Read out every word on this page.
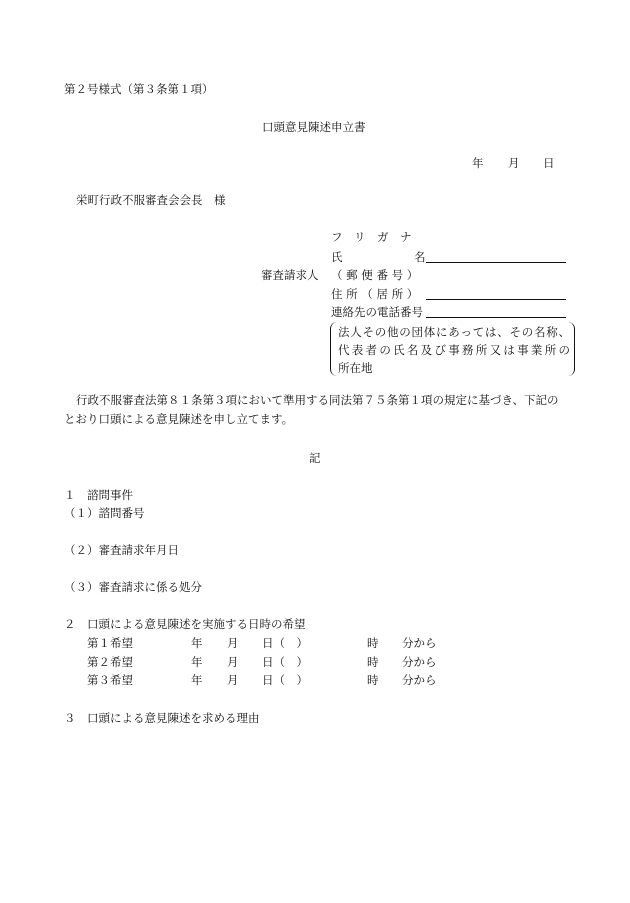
第２号様式（第３条第１項）
口頭意見陳述申立書
年 月 日
栄町行政不服審査会会長　様
フ　リ　ガ　ナ
氏	名
審査請求人 （ 郵 便 番 号 ）
住 所 （ 居 所 ）
連絡先の電話番号
法人その他の団体にあっては、その名称、
代表者の氏名及び事務所又は事業所の
所在地
行政不服審査法第８１条第３項において準用する同法第７５条第１項の規定に基づき、下記の
とおり口頭による意見陳述を申し立てます。
記
１　諮問事件
（１）諮問番号
（２）審査請求年月日
（３）審査請求に係る処分
２　口頭による意見陳述を実施する日時の希望
第１希望	年 月 日（　）	時 分から
第２希望	年 月 日（　）	時 分から
第３希望	年 月 日（　）	時 分から
３　口頭による意見陳述を求める理由
